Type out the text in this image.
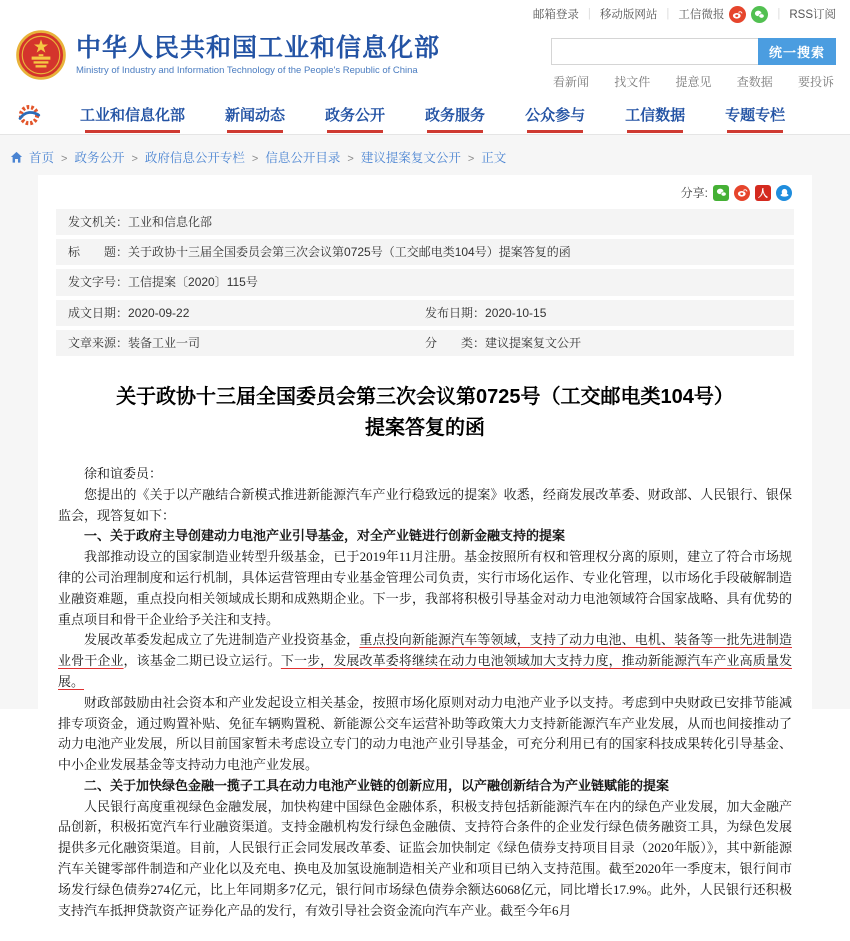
邮箱登录 | 移动版网站 | 工信微报	| RSS订阅
中华人民共和国工业和信息化部
Ministry of Industry and Information Technology of the People's Republic of China
统一搜索
看新闻 找文件 提意见 查数据 要投诉
工业和信息化部	新闻动态	政务公开	政务服务	公众参与	工信数据	专题专栏
首页	> 政务公开	> 政府信息公开专栏	> 信息公开目录	> 建议提案复文公开	> 正文
分享:	人
发文机关： 工业和信息化部
标　　题： 关于政协十三届全国委员会第三次会议第0725号（工交邮电类104号）提案答复的函
发文字号： 工信提案〔2020〕115号
成文日期： 2020-09-22	发布日期： 2020-10-15
文章来源： 装备工业一司	分　　类： 建议提案复文公开
关于政协十三届全国委员会第三次会议第0725号（工交邮电类104号）提案答复的函

徐和谊委员：

您提出的《关于以产融结合新模式推进新能源汽车产业行稳致远的提案》收悉，经商发展改革委、财政部、人民银行、银保监会，现答复如下：

一、关于政府主导创建动力电池产业引导基金，对全产业链进行创新金融支持的提案

我部推动设立的国家制造业转型升级基金，已于2019年11月注册。基金按照所有权和管理权分离的原则，建立了符合市场规律的公司治理制度和运行机制，具体运营管理由专业基金管理公司负责，实行市场化运作、专业化管理，以市场化手段破解制造业融资难题，重点投向相关领域成长期和成熟期企业。下一步，我部将积极引导基金对动力电池领域符合国家战略、具有优势的重点项目和骨干企业给予关注和支持。

发展改革委发起成立了先进制造产业投资基金，重点投向新能源汽车等领域，支持了动力电池、电机、装备等一批先进制造业骨干企业，该基金二期已设立运行。下一步，发展改革委将继续在动力电池领域加大支持力度，推动新能源汽车产业高质量发展。

财政部鼓励由社会资本和产业发起设立相关基金，按照市场化原则对动力电池产业予以支持。考虑到中央财政已安排节能减排专项资金，通过购置补贴、免征车辆购置税、新能源公交车运营补助等政策大力支持新能源汽车产业发展，从而也间接推动了动力电池产业发展，所以目前国家暂未考虑设立专门的动力电池产业引导基金，可充分利用已有的国家科技成果转化引导基金、中小企业发展基金等支持动力电池产业发展。

二、关于加快绿色金融一揽子工具在动力电池产业链的创新应用，以产融创新结合为产业链赋能的提案

人民银行高度重视绿色金融发展，加快构建中国绿色金融体系，积极支持包括新能源汽车在内的绿色产业发展，加大金融产品创新，积极拓宽汽车行业融资渠道。支持金融机构发行绿色金融债、支持符合条件的企业发行绿色债务融资工具，为绿色发展提供多元化融资渠道。目前，人民银行正会同发展改革委、证监会加快制定《绿色债券支持项目目录（2020年版）》，其中新能源汽车关键零部件制造和产业化以及充电、换电及加氢设施制造相关产业和项目已纳入支持范围。截至2020年一季度末，银行间市场发行绿色债券274亿元，比上年同期多7亿元，银行间市场绿色债券余额达6068亿元，同比增长17.9%。此外，人民银行还积极支持汽车抵押贷款资产证券化产品的发行，有效引导社会资金流向汽车产业。截至今年6月
